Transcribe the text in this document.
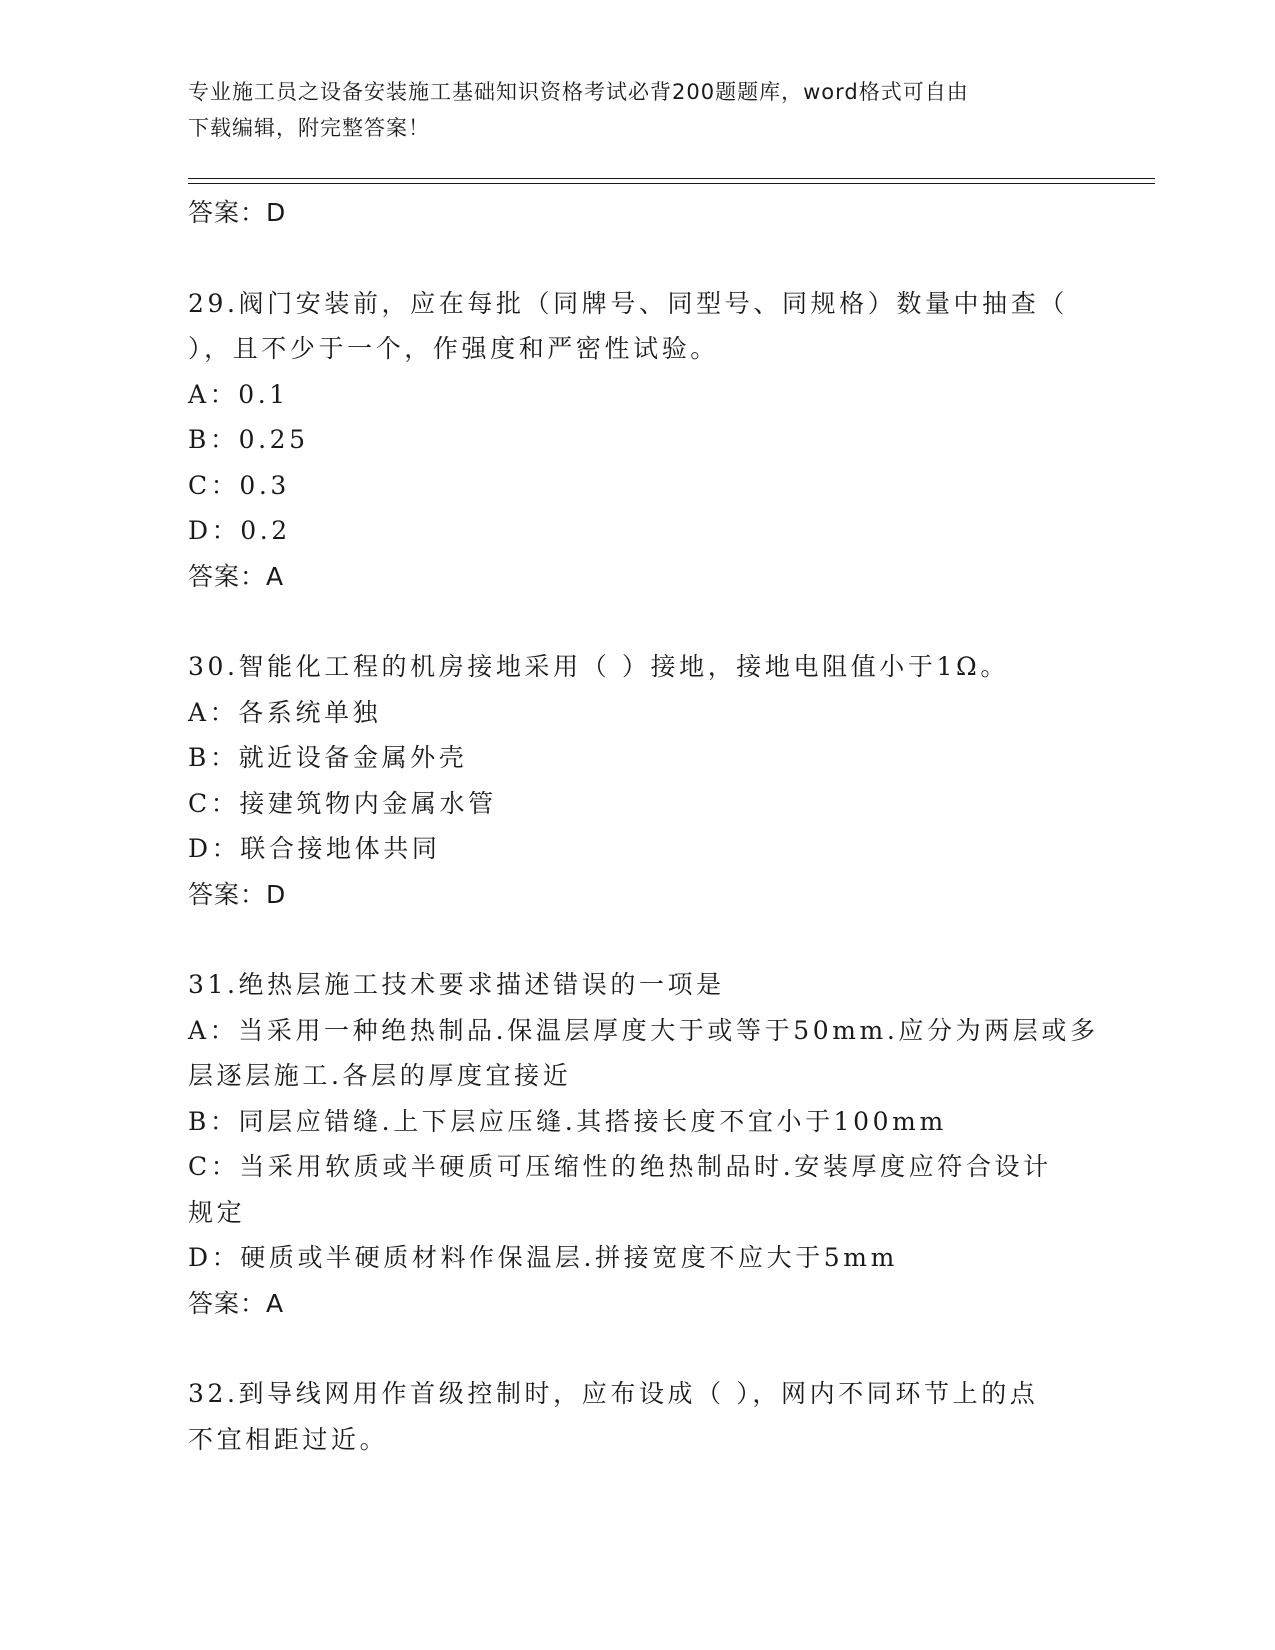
专业施工员之设备安装施工基础知识资格考试必背200题题库，word格式可自由
下载编辑，附完整答案！
答案：D
29.阀门安装前，应在每批（同牌号、同型号、同规格）数量中抽查（
），且不少于一个，作强度和严密性试验。
A：0.1
B：0.25
C：0.3
D：0.2
答案：A
30.智能化工程的机房接地采用（ ）接地，接地电阻值小于1Ω。
A：各系统单独
B：就近设备金属外壳
C：接建筑物内金属水管
D：联合接地体共同
答案：D
31.绝热层施工技术要求描述错误的一项是
A：当采用一种绝热制品.保温层厚度大于或等于50mm.应分为两层或多
层逐层施工.各层的厚度宜接近
B：同层应错缝.上下层应压缝.其搭接长度不宜小于100mm
C：当采用软质或半硬质可压缩性的绝热制品时.安装厚度应符合设计
规定
D：硬质或半硬质材料作保温层.拼接宽度不应大于5mm
答案：A
32.到导线网用作首级控制时，应布设成（ ），网内不同环节上的点
不宜相距过近。
